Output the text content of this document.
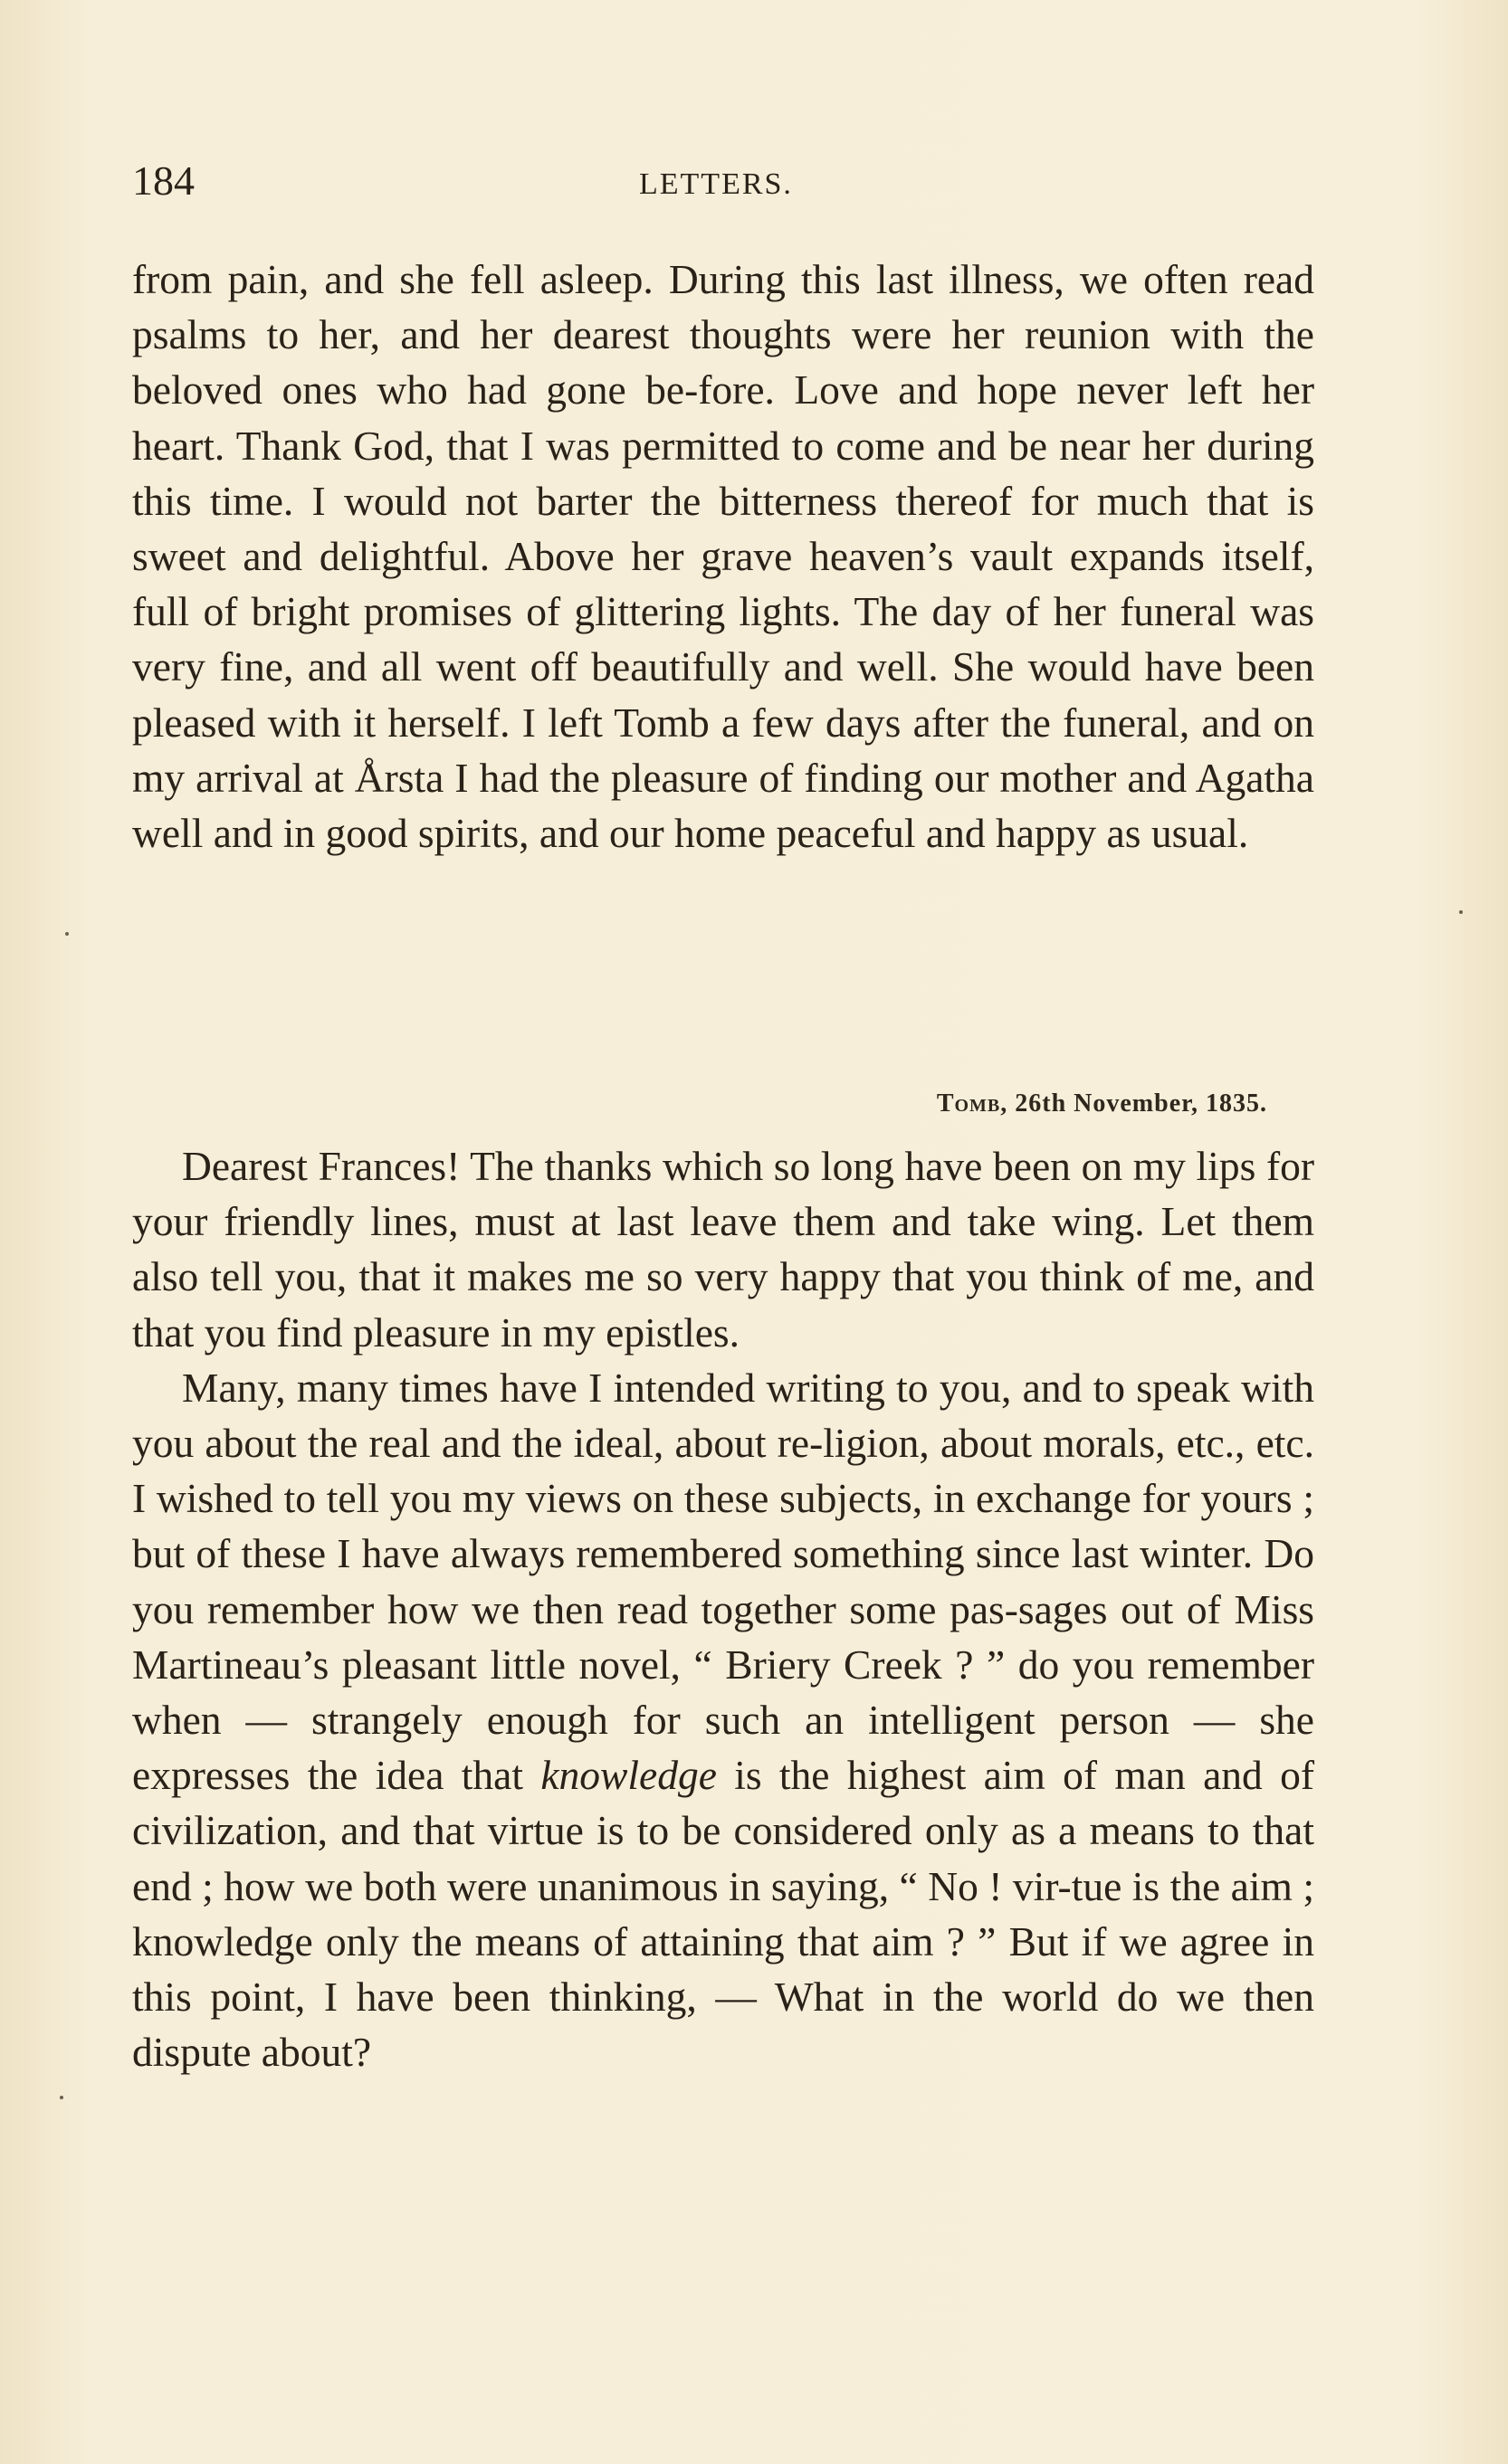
184	LETTERS.

from pain, and she fell asleep. During this last illness, we often read psalms to her, and her dearest thoughts were her reunion with the beloved ones who had gone be-fore. Love and hope never left her heart. Thank God, that I was permitted to come and be near her during this time. I would not barter the bitterness thereof for much that is sweet and delightful. Above her grave heaven’s vault expands itself, full of bright promises of glittering lights. The day of her funeral was very fine, and all went off beautifully and well. She would have been pleased with it herself. I left Tomb a few days after the funeral, and on my arrival at Årsta I had the pleasure of finding our mother and Agatha well and in good spirits, and our home peaceful and happy as usual.

Tomb, 26th November, 1835.

Dearest Frances! The thanks which so long have been on my lips for your friendly lines, must at last leave them and take wing. Let them also tell you, that it makes me so very happy that you think of me, and that you find pleasure in my epistles.

Many, many times have I intended writing to you, and to speak with you about the real and the ideal, about re-ligion, about morals, etc., etc. I wished to tell you my views on these subjects, in exchange for yours ; but of these I have always remembered something since last winter. Do you remember how we then read together some pas-sages out of Miss Martineau’s pleasant little novel, “ Briery Creek ? ” do you remember when — strangely enough for such an intelligent person — she expresses the idea that knowledge is the highest aim of man and of civilization, and that virtue is to be considered only as a means to that end ; how we both were unanimous in saying, “ No ! vir-tue is the aim ; knowledge only the means of attaining that aim ? ” But if we agree in this point, I have been thinking, — What in the world do we then dispute about?
